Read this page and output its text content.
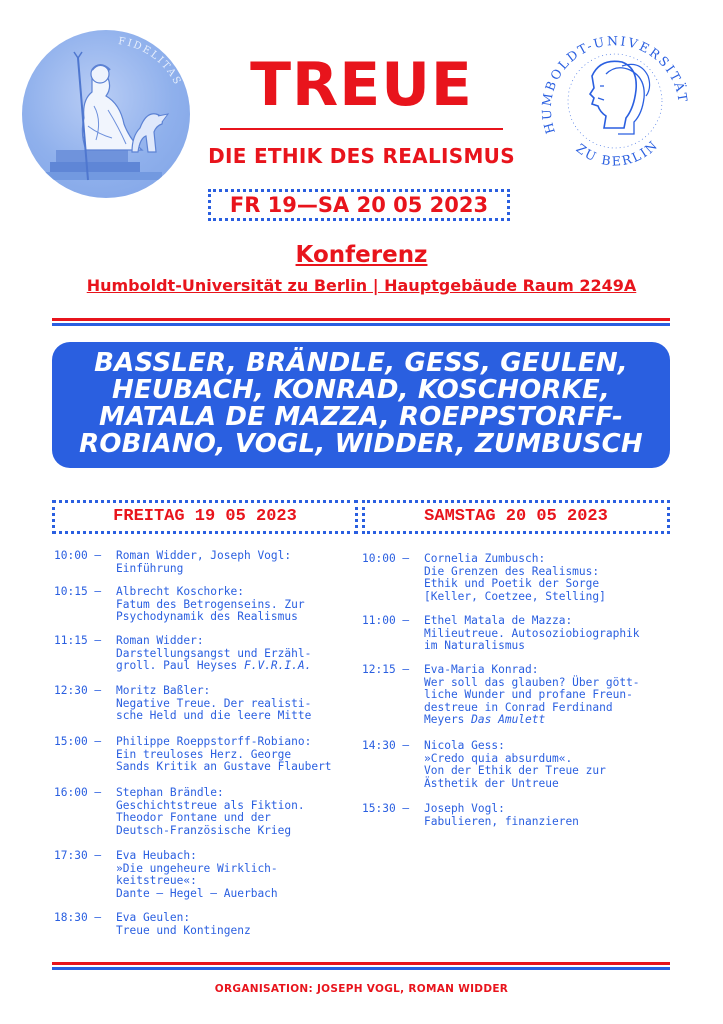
FIDELITAS
HUMBOLDT-UNIVERSITÄT
ZU BERLIN
TREUE
DIE ETHIK DES REALISMUS
FR 19—SA 20 05 2023
Konferenz
Humboldt-Universität zu Berlin | Hauptgebäude Raum 2249A
BASSLER, BRÄNDLE, GESS, GEULEN,
HEUBACH, KONRAD, KOSCHORKE,
MATALA DE MAZZA, ROEPPSTORFF-
ROBIANO, VOGL, WIDDER, ZUMBUSCH
FREITAG 19 05 2023	SAMSTAG 20 05 2023
10:00 — Roman Widder, Joseph Vogl:
Einführung
10:15 — Albrecht Koschorke:
Fatum des Betrogenseins. Zur
Psychodynamik des Realismus
11:15 — Roman Widder:
Darstellungsangst und Erzähl-
groll. Paul Heyses F.V.R.I.A.
12:30 — Moritz Baßler:
Negative Treue. Der realisti-
sche Held und die leere Mitte
15:00 — Philippe Roeppstorff-Robiano:
Ein treuloses Herz. George
Sands Kritik an Gustave Flaubert
16:00 — Stephan Brändle:
Geschichtstreue als Fiktion.
Theodor Fontane und der
Deutsch-Französische Krieg
17:30 — Eva Heubach:
»Die ungeheure Wirklich-
keitstreue«:
Dante – Hegel – Auerbach
18:30 — Eva Geulen:
Treue und Kontingenz
10:00 — Cornelia Zumbusch:
Die Grenzen des Realismus:
Ethik und Poetik der Sorge
[Keller, Coetzee, Stelling]
11:00 — Ethel Matala de Mazza:
Milieutreue. Autosoziobiographik
im Naturalismus
12:15 — Eva-Maria Konrad:
Wer soll das glauben? Über gött-
liche Wunder und profane Freun-
destreue in Conrad Ferdinand
Meyers Das Amulett
14:30 — Nicola Gess:
»Credo quia absurdum«.
Von der Ethik der Treue zur
Ästhetik der Untreue
15:30 — Joseph Vogl:
Fabulieren, finanzieren
ORGANISATION: JOSEPH VOGL, ROMAN WIDDER
